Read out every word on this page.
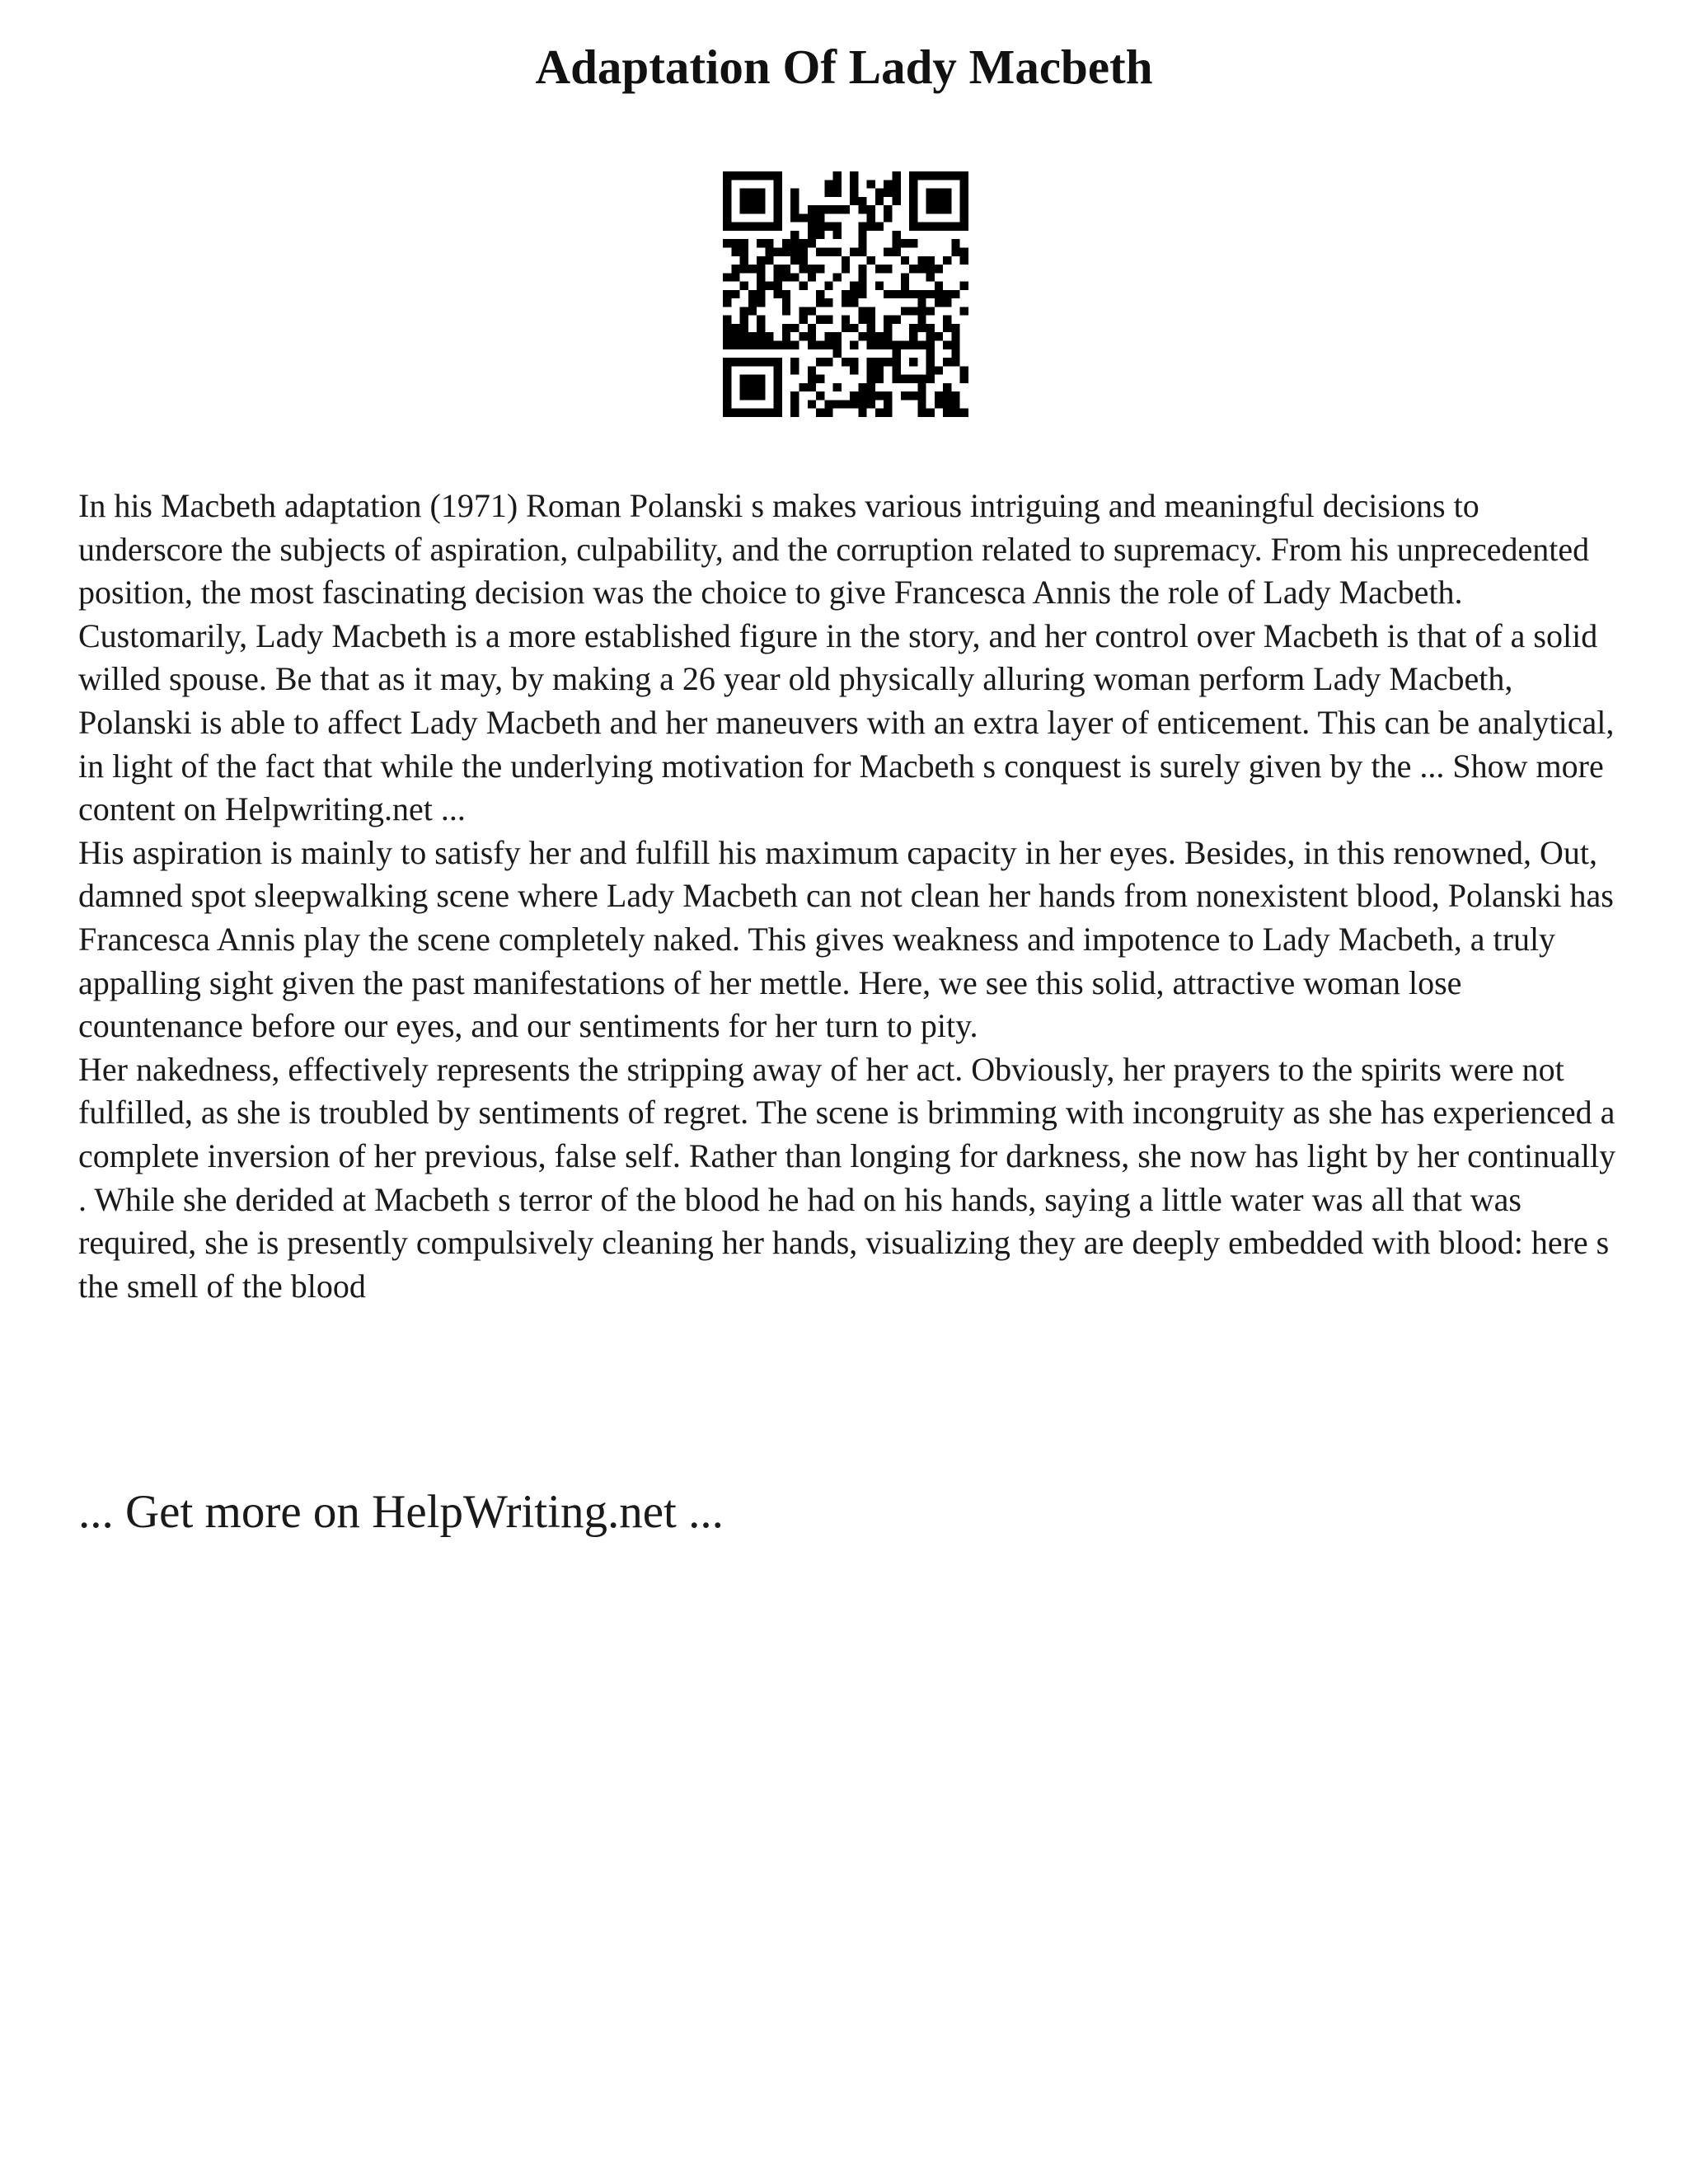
Adaptation Of Lady Macbeth

In his Macbeth adaptation (1971) Roman Polanski s makes various intriguing and meaningful decisions to underscore the subjects of aspiration, culpability, and the corruption related to supremacy. From his unprecedented position, the most fascinating decision was the choice to give Francesca Annis the role of Lady Macbeth. Customarily, Lady Macbeth is a more established figure in the story, and her control over Macbeth is that of a solid willed spouse. Be that as it may, by making a 26 year old physically alluring woman perform Lady Macbeth, Polanski is able to affect Lady Macbeth and her maneuvers with an extra layer of enticement. This can be analytical, in light of the fact that while the underlying motivation for Macbeth s conquest is surely given by the ... Show more content on Helpwriting.net ...

His aspiration is mainly to satisfy her and fulfill his maximum capacity in her eyes. Besides, in this renowned, Out, damned spot sleepwalking scene where Lady Macbeth can not clean her hands from nonexistent blood, Polanski has Francesca Annis play the scene completely naked. This gives weakness and impotence to Lady Macbeth, a truly appalling sight given the past manifestations of her mettle. Here, we see this solid, attractive woman lose countenance before our eyes, and our sentiments for her turn to pity.

Her nakedness, effectively represents the stripping away of her act. Obviously, her prayers to the spirits were not fulfilled, as she is troubled by sentiments of regret. The scene is brimming with incongruity as she has experienced a complete inversion of her previous, false self. Rather than longing for darkness, she now has light by her continually . While she derided at Macbeth s terror of the blood he had on his hands, saying a little water was all that was required, she is presently compulsively cleaning her hands, visualizing they are deeply embedded with blood: here s the smell of the blood

... Get more on HelpWriting.net ...
